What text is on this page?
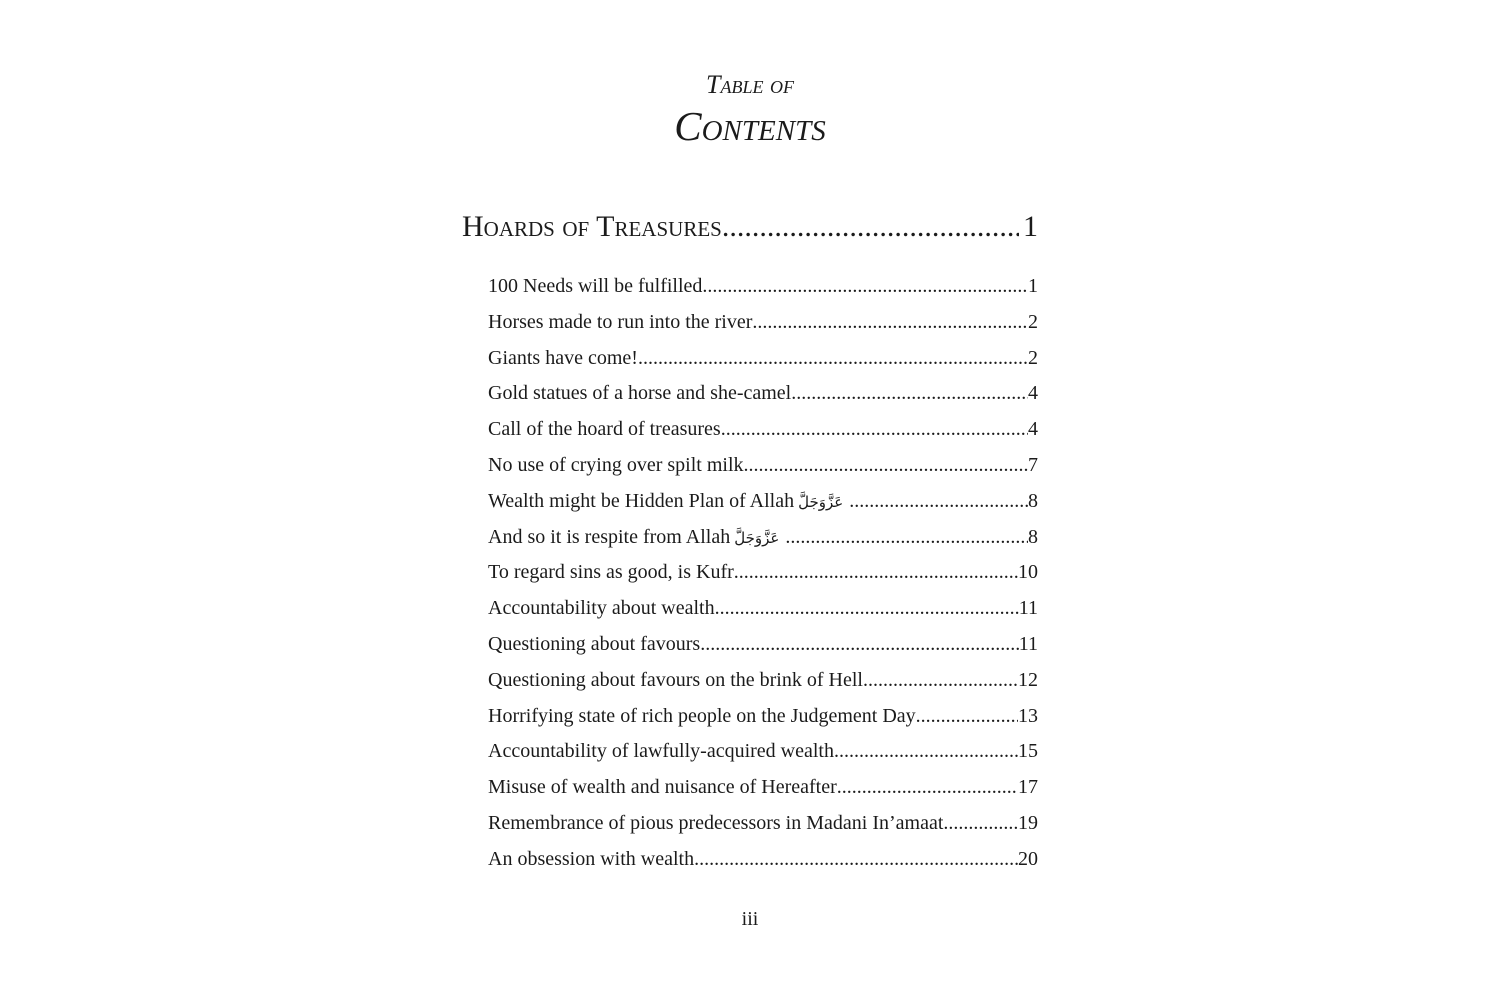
Table of
Contents
Hoards of Treasures .....	1
100 Needs will be fulfilled .....	1
Horses made to run into the river .....	2
Giants have come! .....	2
Gold statues of a horse and she-camel .....	4
Call of the hoard of treasures .....	4
No use of crying over spilt milk .....	7
Wealth might be Hidden Plan of Allah عَزَّوَجَلَّ .....	8
And so it is respite from Allah عَزَّوَجَلَّ .....	8
To regard sins as good, is Kufr .....	10
Accountability about wealth .....	11
Questioning about favours .....	11
Questioning about favours on the brink of Hell .....	12
Horrifying state of rich people on the Judgement Day .....	13
Accountability of lawfully-acquired wealth .....	15
Misuse of wealth and nuisance of Hereafter .....	17
Remembrance of pious predecessors in Madani In’amaat .....	19
An obsession with wealth .....	20
iii
